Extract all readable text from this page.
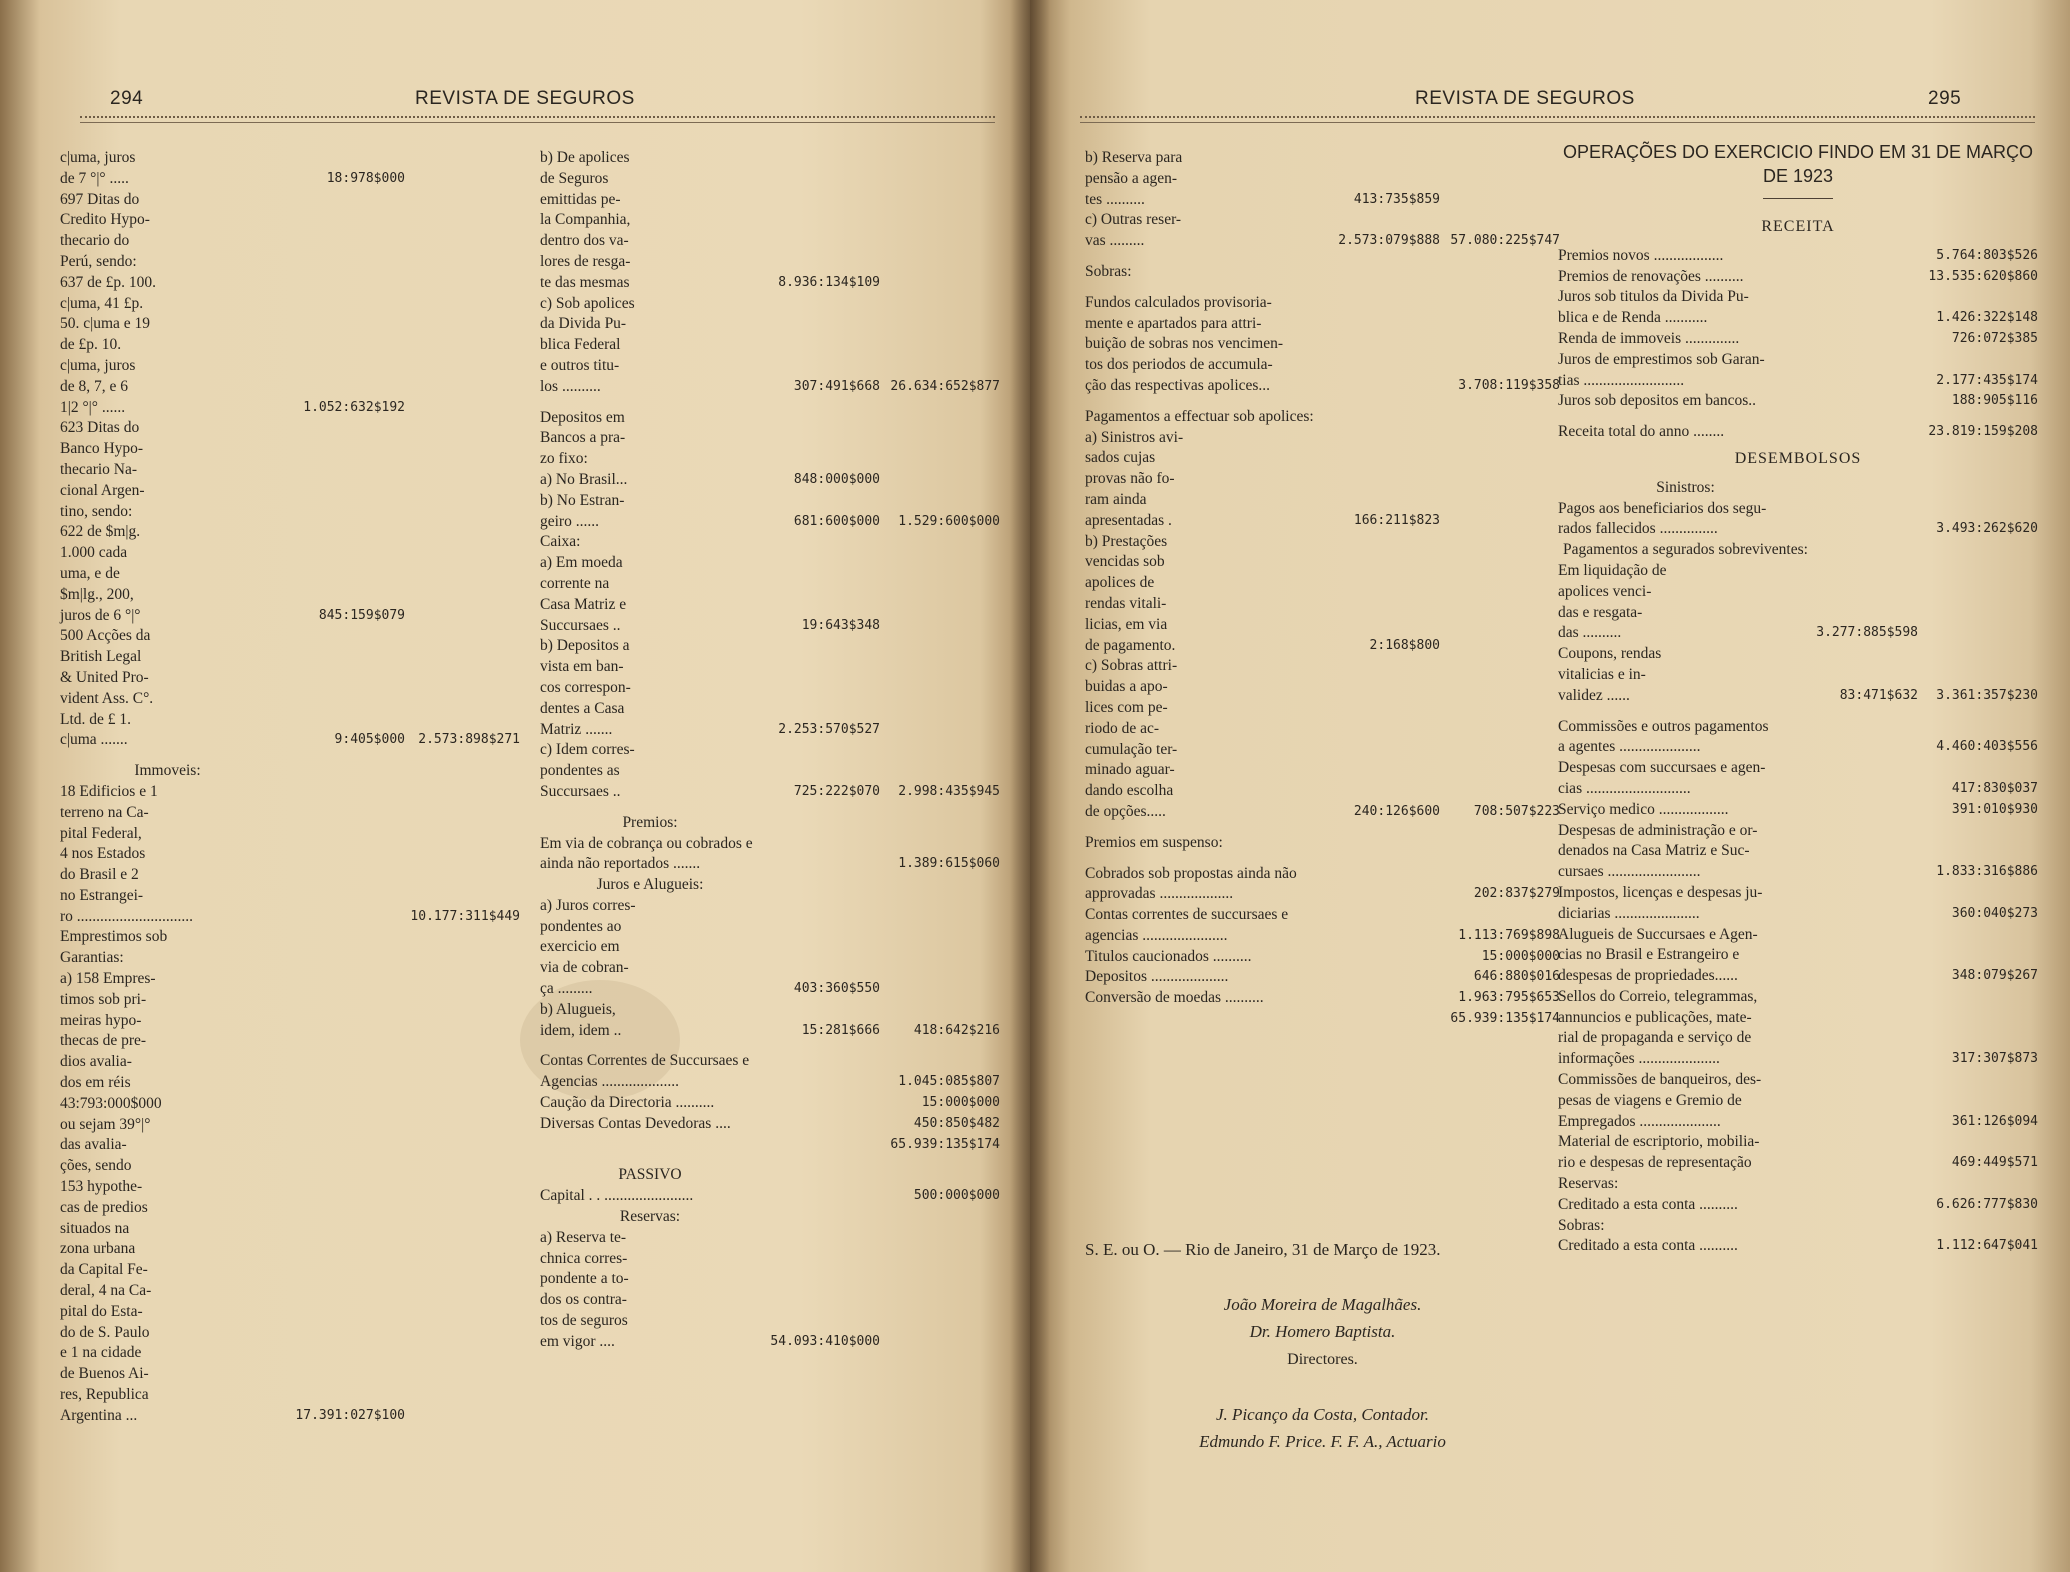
294	REVISTA DE SEGUROS
c|uma, juros
de 7 °|° .....	18:978$000
697 Ditas do
Credito Hypo-
thecario do
Perú, sendo:
637 de £p. 100.
c|uma, 41 £p.
50. c|uma e 19
de £p. 10.
c|uma, juros
de 8, 7, e 6
1|2 °|° ......	1.052:632$192
623 Ditas do
Banco Hypo-
thecario Na-
cional Argen-
tino, sendo:
622 de $m|g.
1.000 cada
uma, e de
$m|lg., 200,
juros de 6 °|°	845:159$079
500 Acções da
British Legal
& United Pro-
vident Ass. C°.
Ltd. de £ 1.
c|uma .......	9:405$000	2.573:898$271
Immoveis:
18 Edificios e 1
terreno na Ca-
pital Federal,
4 nos Estados
do Brasil e 2
no Estrangei-
ro ..............................	10.177:311$449
Emprestimos sob
Garantias:
a) 158 Empres-
timos sob pri-
meiras hypo-
thecas de pre-
dios avalia-
dos em réis
43:793:000$000
ou sejam 39°|°
das avalia-
ções, sendo
153 hypothe-
cas de predios
situados na
zona urbana
da Capital Fe-
deral, 4 na Ca-
pital do Esta-
do de S. Paulo
e 1 na cidade
de Buenos Ai-
res, Republica
Argentina ...	17.391:027$100
b) De apolices
de Seguros
emittidas pe-
la Companhia,
dentro dos va-
lores de resga-
te das mesmas	8.936:134$109
c) Sob apolices
da Divida Pu-
blica Federal
e outros titu-
los ..........	307:491$668 26.634:652$877
Depositos em
Bancos a pra-
zo fixo:
a) No Brasil...	848:000$000
b) No Estran-
geiro ......	681:600$000	1.529:600$000
Caixa:
a) Em moeda
corrente na
Casa Matriz e
Succursaes ..	19:643$348
b) Depositos a
vista em ban-
cos correspon-
dentes a Casa
Matriz .......	2.253:570$527
c) Idem corres-
pondentes as
Succursaes ..	725:222$070	2.998:435$945
Premios:
Em via de cobrança ou cobrados e
ainda não reportados .......	1.389:615$060
Juros e Alugueis:
a) Juros corres-
pondentes ao
exercicio em
via de cobran-
ça .........	403:360$550
b) Alugueis,
idem, idem ..	15:281$666	418:642$216
Contas Correntes de Succursaes e
Agencias ....................	1.045:085$807
Caução da Directoria ..........	15:000$000
Diversas Contas Devedoras ....	450:850$482
65.939:135$174
PASSIVO
Capital . . .......................	500:000$000
Reservas:
a) Reserva te-
chnica corres-
pondente a to-
dos os contra-
tos de seguros
em vigor ....	54.093:410$000
REVISTA DE SEGUROS	295
b) Reserva para
pensão a agen-
tes ..........	413:735$859
c) Outras reser-
vas .........	2.573:079$888 57.080:225$747
Sobras:
Fundos calculados provisoria-
mente e apartados para attri-
buição de sobras nos vencimen-
tos dos periodos de accumula-
ção das respectivas apolices...	3.708:119$358
Pagamentos a effectuar sob apolices:
a) Sinistros avi-
sados cujas
provas não fo-
ram ainda
apresentadas .	166:211$823
b) Prestações
vencidas sob
apolices de
rendas vitali-
licias, em via
de pagamento.	2:168$800
c) Sobras attri-
buidas a apo-
lices com pe-
riodo de ac-
cumulação ter-
minado aguar-
dando escolha
de opções.....	240:126$600	708:507$223
Premios em suspenso:
Cobrados sob propostas ainda não
approvadas ...................	202:837$279
Contas correntes de succursaes e
agencias ......................	1.113:769$898
Titulos caucionados ..........	15:000$000
Depositos ....................	646:880$016
Conversão de moedas ..........	1.963:795$653
65.939:135$174
S. E. ou O. — Rio de Janeiro, 31 de Março de 1923.
João Moreira de Magalhães.
Dr. Homero Baptista.
Directores.
J. Picanço da Costa, Contador.
Edmundo F. Price. F. F. A., Actuario
OPERAÇÕES DO EXERCICIO FINDO EM 31 DE MARÇO DE 1923
RECEITA
Premios novos ..................	5.764:803$526
Premios de renovações ..........	13.535:620$860
Juros sob titulos da Divida Pu-
blica e de Renda ...........	1.426:322$148
Renda de immoveis ..............	726:072$385
Juros de emprestimos sob Garan-
tias ..........................	2.177:435$174
Juros sob depositos em bancos..	188:905$116
Receita total do anno ........	23.819:159$208
DESEMBOLSOS
Sinistros:
Pagos aos beneficiarios dos segu-
rados fallecidos ...............	3.493:262$620
Pagamentos a segurados sobreviventes:
Em liquidação de
apolices venci-
das e resgata-
das ..........	3.277:885$598
Coupons, rendas
vitalicias e in-
validez ......	83:471$632	3.361:357$230
Commissões e outros pagamentos
a agentes .....................	4.460:403$556
Despesas com succursaes e agen-
cias ...........................	417:830$037
Serviço medico ..................	391:010$930
Despesas de administração e or-
denados na Casa Matriz e Suc-
cursaes ........................	1.833:316$886
Impostos, licenças e despesas ju-
diciarias ......................	360:040$273
Alugueis de Succursaes e Agen-
cias no Brasil e Estrangeiro e
despesas de propriedades......	348:079$267
Sellos do Correio, telegrammas,
annuncios e publicações, mate-
rial de propaganda e serviço de
informações .....................	317:307$873
Commissões de banqueiros, des-
pesas de viagens e Gremio de
Empregados .....................	361:126$094
Material de escriptorio, mobilia-
rio e despesas de representação	469:449$571
Reservas:
Creditado a esta conta ..........	6.626:777$830
Sobras:
Creditado a esta conta ..........	1.112:647$041
